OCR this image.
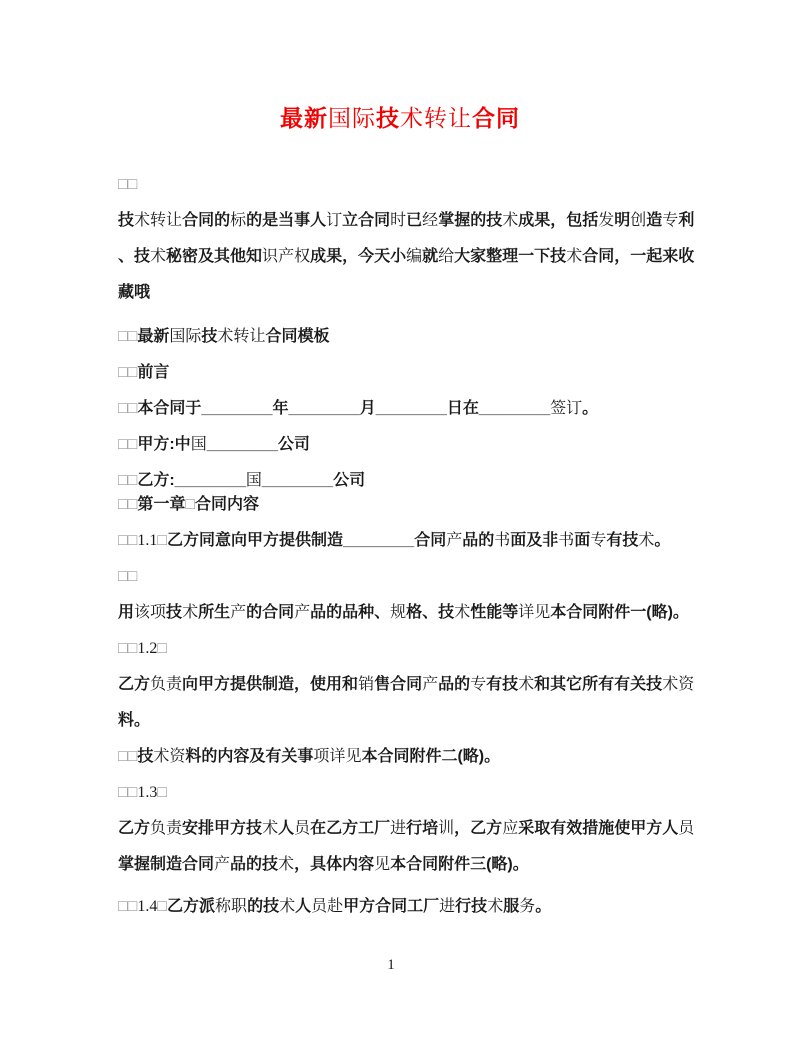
最新国际技术转让合同
□□
技术转让合同的标的是当事人订立合同时已经掌握的技术成果，包括发明创造专利
、技术秘密及其他知识产权成果，今天小编就给大家整理一下技术合同，一起来收
藏哦
□□最新国际技术转让合同模板
□□前言
□□本合同于________年________月________日在________签订。
□□甲方:中国________公司
□□乙方:________国________公司
□□第一章□合同内容
□□1.1□乙方同意向甲方提供制造________合同产品的书面及非书面专有技术。
□□
用该项技术所生产的合同产品的品种、规格、技术性能等详见本合同附件一(略)。
□□1.2□
乙方负责向甲方提供制造，使用和销售合同产品的专有技术和其它所有有关技术资
料。
□□技术资料的内容及有关事项详见本合同附件二(略)。
□□1.3□
乙方负责安排甲方技术人员在乙方工厂进行培训，乙方应采取有效措施使甲方人员
掌握制造合同产品的技术，具体内容见本合同附件三(略)。
□□1.4□乙方派称职的技术人员赴甲方合同工厂进行技术服务。
1
